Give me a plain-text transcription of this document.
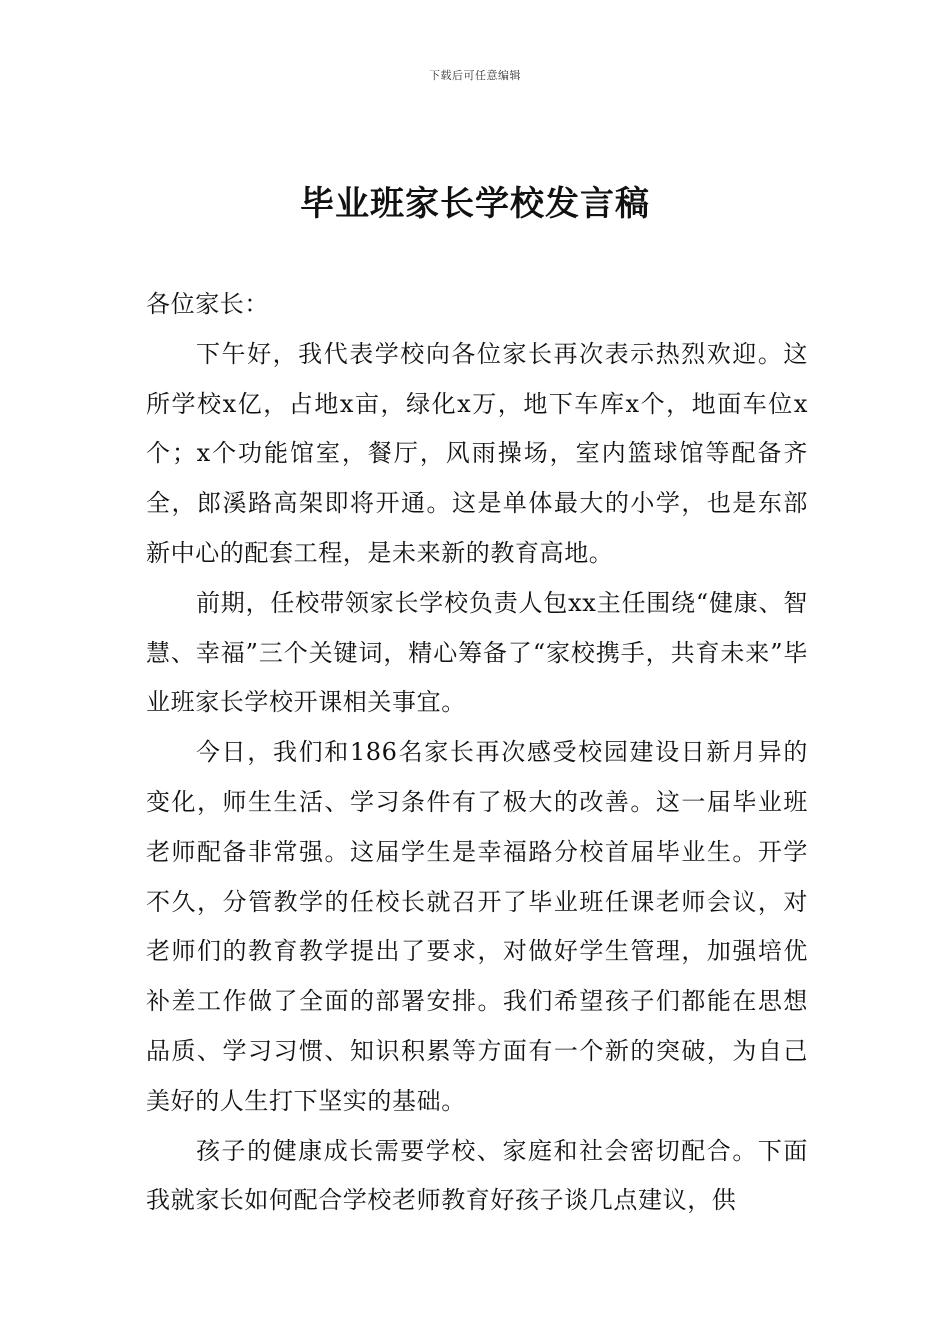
下载后可任意编辑
毕业班家长学校发言稿

各位家长：

下午好，我代表学校向各位家长再次表示热烈欢迎。这所学校x亿，占地x亩，绿化x万，地下车库x个，地面车位x个；x个功能馆室，餐厅，风雨操场，室内篮球馆等配备齐全，郎溪路高架即将开通。这是单体最大的小学，也是东部新中心的配套工程，是未来新的教育高地。

前期，任校带领家长学校负责人包xx主任围绕“健康、智慧、幸福”三个关键词，精心筹备了“家校携手，共育未来”毕业班家长学校开课相关事宜。

今日，我们和186名家长再次感受校园建设日新月异的变化，师生生活、学习条件有了极大的改善。这一届毕业班老师配备非常强。这届学生是幸福路分校首届毕业生。开学不久，分管教学的任校长就召开了毕业班任课老师会议，对老师们的教育教学提出了要求，对做好学生管理，加强培优补差工作做了全面的部署安排。我们希望孩子们都能在思想品质、学习习惯、知识积累等方面有一个新的突破，为自己美好的人生打下坚实的基础。

孩子的健康成长需要学校、家庭和社会密切配合。下面我就家长如何配合学校老师教育好孩子谈几点建议，供
